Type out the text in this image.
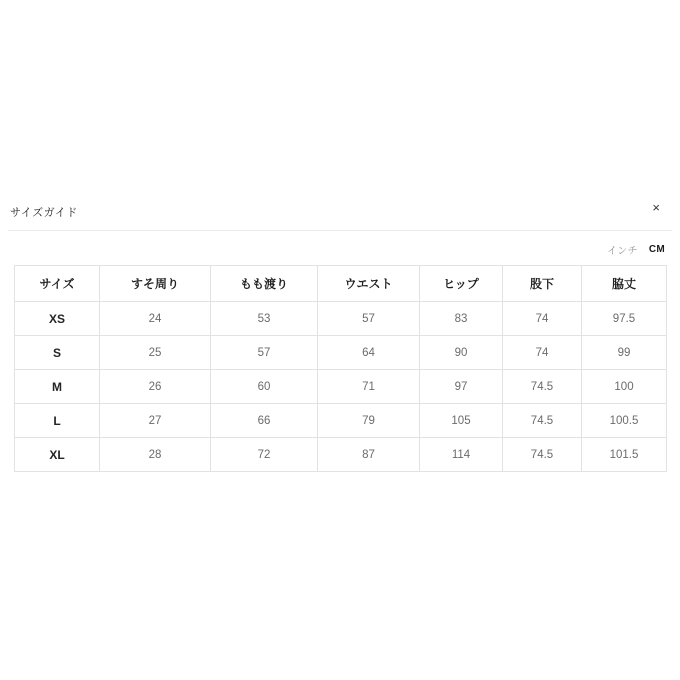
サイズガイド	×
インチ CM
サイズ	すそ周り	もも渡り	ウエスト	ヒップ	股下	脇丈
XS	24	53	57	83	74	97.5
S	25	57	64	90	74	99
M	26	60	71	97	74.5	100
L	27	66	79	105	74.5	100.5
XL	28	72	87	114	74.5	101.5
